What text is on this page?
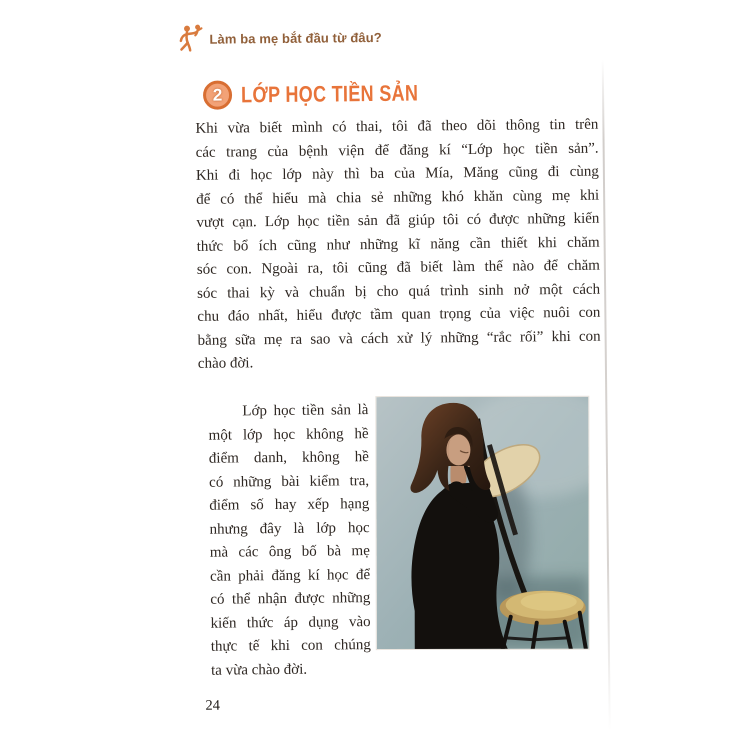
Làm ba mẹ bắt đầu từ đâu?
2 LỚP HỌC TIỀN SẢN
Khi vừa biết mình có thai, tôi đã theo dõi thông tin trên
các trang của bệnh viện để đăng kí “Lớp học tiền sản”.
Khi đi học lớp này thì ba của Mía, Măng cũng đi cùng
để có thể hiểu mà chia sẻ những khó khăn cùng mẹ khi
vượt cạn. Lớp học tiền sản đã giúp tôi có được những kiến
thức bổ ích cũng như những kĩ năng cần thiết khi chăm
sóc con. Ngoài ra, tôi cũng đã biết làm thế nào để chăm
sóc thai kỳ và chuẩn bị cho quá trình sinh nở một cách
chu đáo nhất, hiểu được tầm quan trọng của việc nuôi con
bằng sữa mẹ ra sao và cách xử lý những “rắc rối” khi con
chào đời.
Lớp học tiền sản là
một lớp học không hề
điểm danh, không hề
có những bài kiểm tra,
điểm số hay xếp hạng
nhưng đây là lớp học
mà các ông bố bà mẹ
cần phải đăng kí học để
có thể nhận được những
kiến thức áp dụng vào
thực tế khi con chúng
ta vừa chào đời.
24
